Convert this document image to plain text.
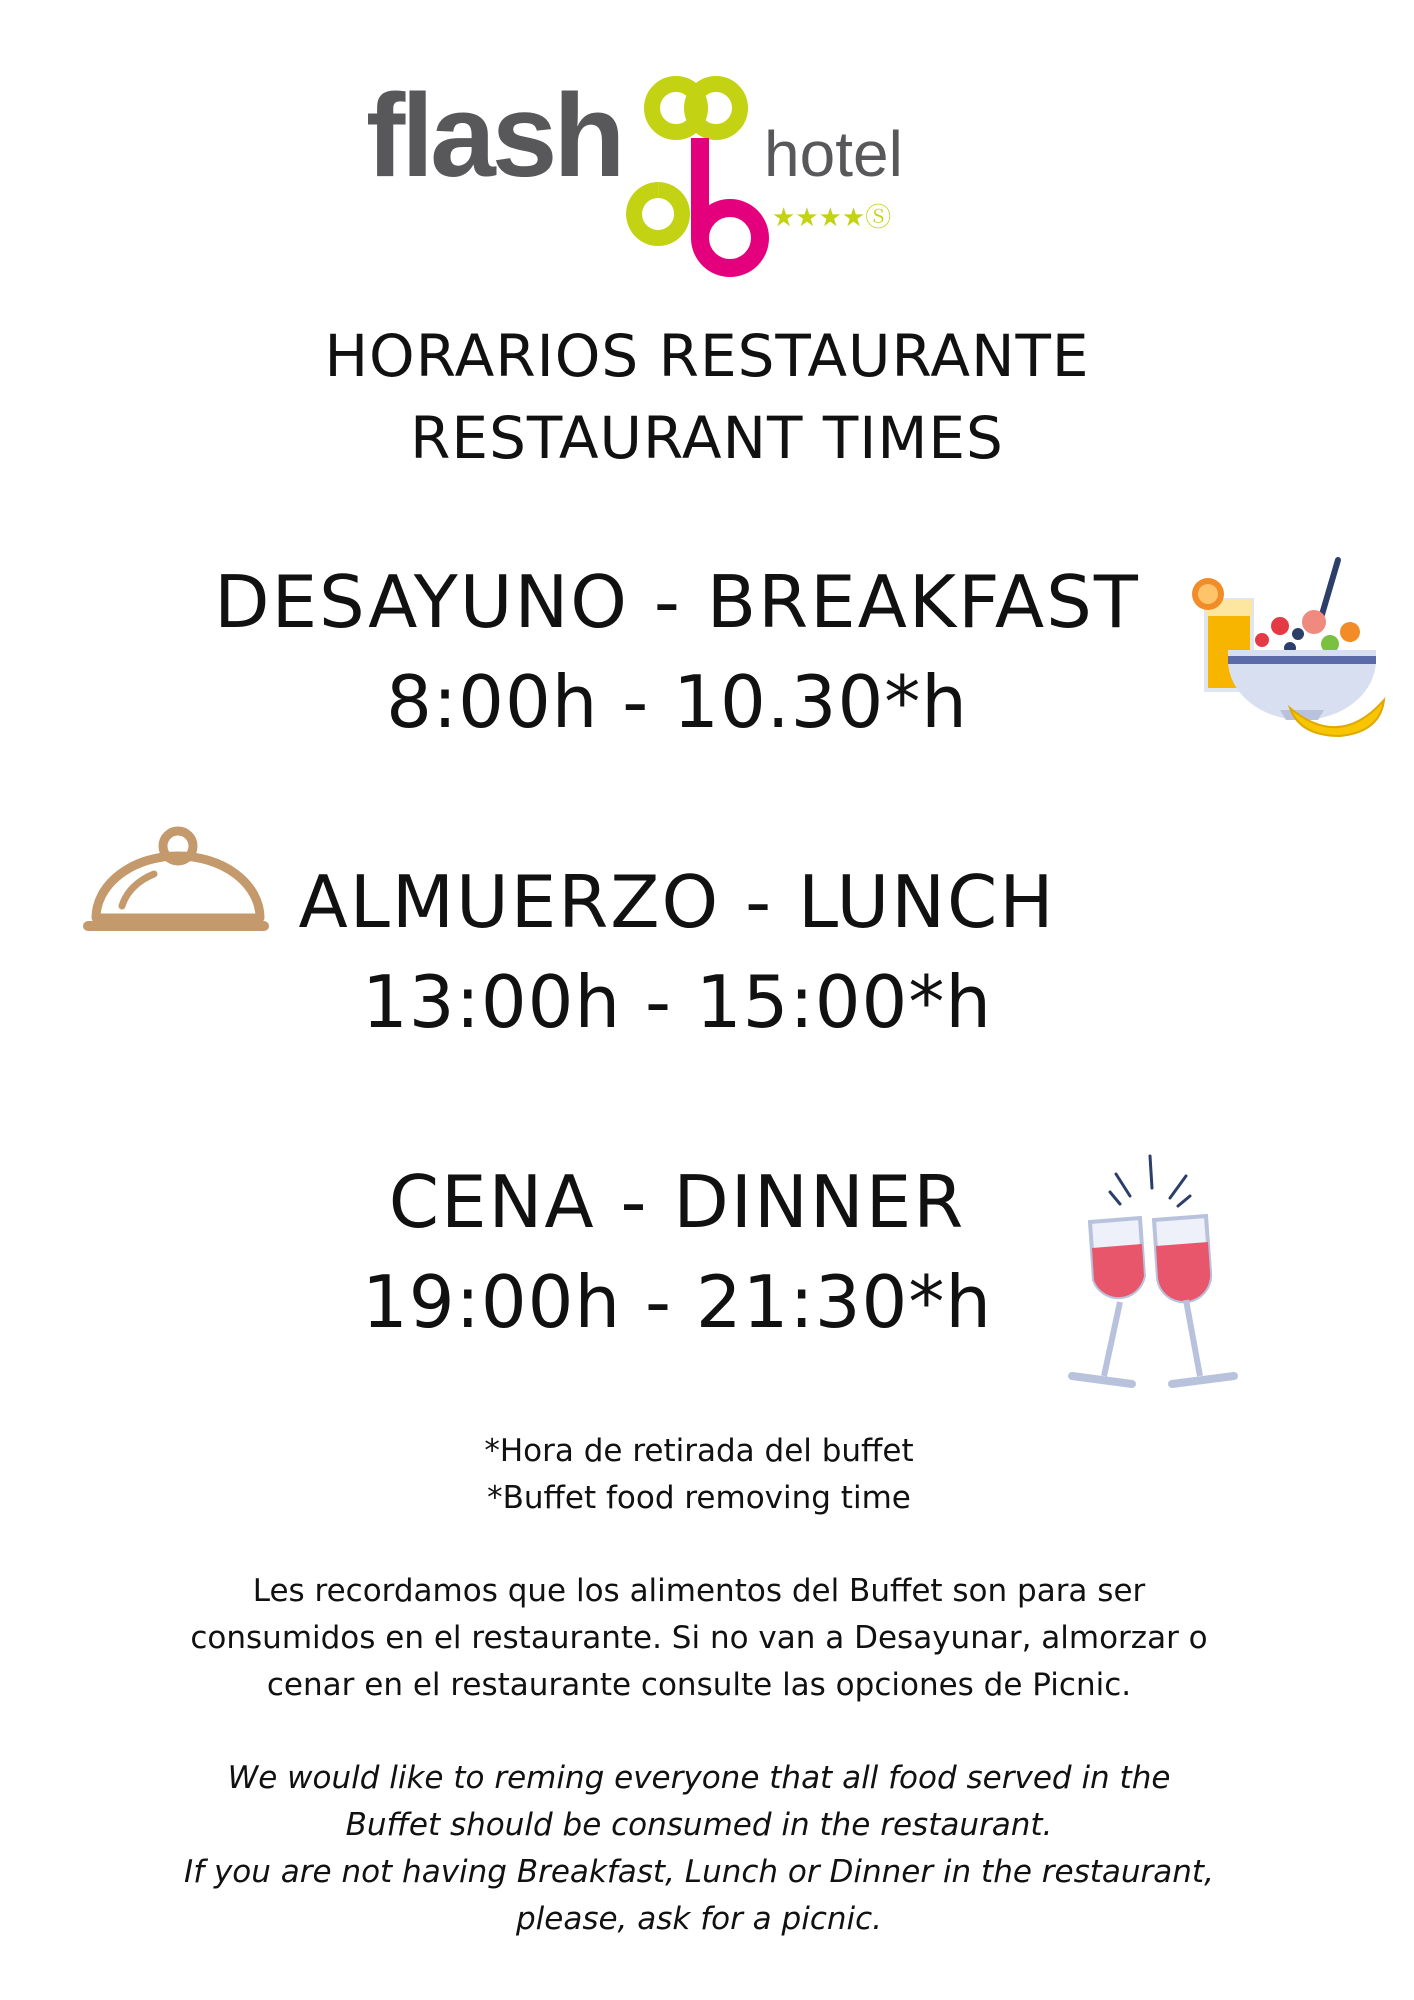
flash hotel
★★★★Ⓢ
HORARIOS RESTAURANTE
RESTAURANT TIMES
DESAYUNO - BREAKFAST
8:00h - 10.30*h
ALMUERZO - LUNCH
13:00h - 15:00*h
CENA - DINNER
19:00h - 21:30*h
*Hora de retirada del buffet
*Buffet food removing time
Les recordamos que los alimentos del Buffet son para ser
consumidos en el restaurante. Si no van a Desayunar, almorzar o
cenar en el restaurante consulte las opciones de Picnic.
We would like to reming everyone that all food served in the
Buffet should be consumed in the restaurant.
If you are not having Breakfast, Lunch or Dinner in the restaurant,
please, ask for a picnic.
